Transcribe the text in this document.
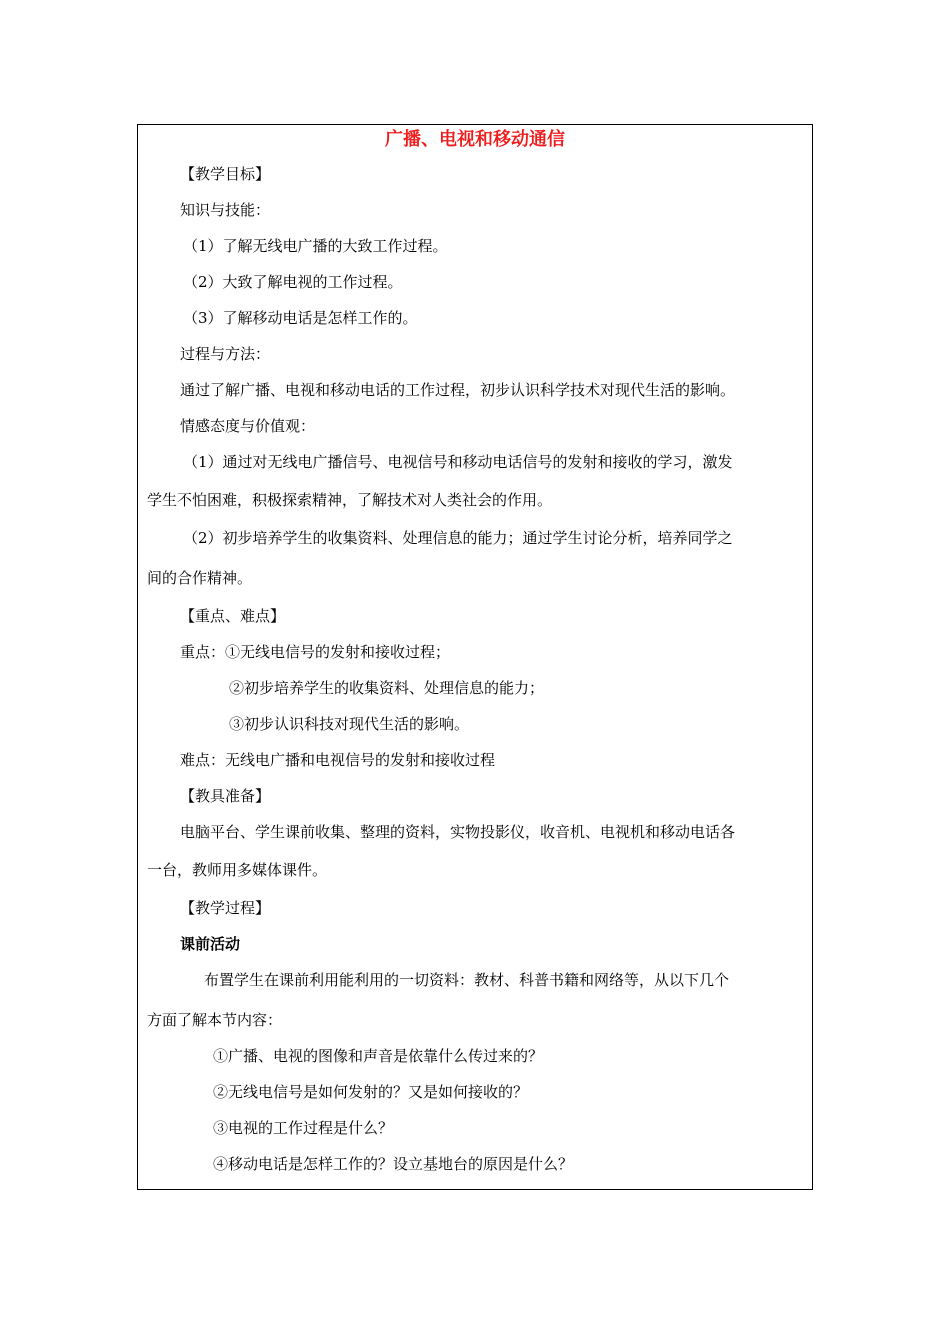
广播、电视和移动通信
【教学目标】
知识与技能：
（1）了解无线电广播的大致工作过程。
（2）大致了解电视的工作过程。
（3）了解移动电话是怎样工作的。
过程与方法：
通过了解广播、电视和移动电话的工作过程，初步认识科学技术对现代生活的影响。
情感态度与价值观：
（1）通过对无线电广播信号、电视信号和移动电话信号的发射和接收的学习，激发
学生不怕困难，积极探索精神，了解技术对人类社会的作用。
（2）初步培养学生的收集资料、处理信息的能力；通过学生讨论分析，培养同学之
间的合作精神。
【重点、难点】
重点：①无线电信号的发射和接收过程；
②初步培养学生的收集资料、处理信息的能力；
③初步认识科技对现代生活的影响。
难点：无线电广播和电视信号的发射和接收过程
【教具准备】
电脑平台、学生课前收集、整理的资料，实物投影仪，收音机、电视机和移动电话各
一台，教师用多媒体课件。
【教学过程】
课前活动
布置学生在课前利用能利用的一切资料：教材、科普书籍和网络等，从以下几个
方面了解本节内容：
①广播、电视的图像和声音是依靠什么传过来的？
②无线电信号是如何发射的？又是如何接收的？
③电视的工作过程是什么？
④移动电话是怎样工作的？设立基地台的原因是什么？
